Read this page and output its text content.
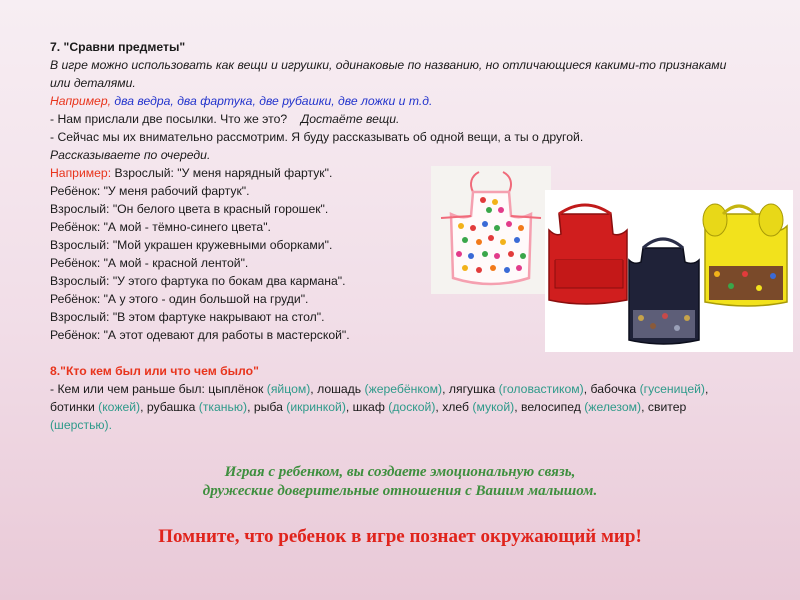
7. "Сравни предметы"
В игре можно использовать как вещи и игрушки, одинаковые по названию, но отличающиеся какими-то признаками или деталями.
Например, два ведра, два фартука, две рубашки, две ложки и т.д.
- Нам прислали две посылки. Что же это? Достаёте вещи.
- Сейчас мы их внимательно рассмотрим. Я буду рассказывать об одной вещи, а ты о другой.
Рассказываете по очереди.
Например: Взрослый: "У меня нарядный фартук".
Ребёнок: "У меня рабочий фартук".
Взрослый: "Он белого цвета в красный горошек".
Ребёнок: "А мой - тёмно-синего цвета".
Взрослый: "Мой украшен кружевными оборками".
Ребёнок: "А мой - красной лентой".
Взрослый: "У этого фартука по бокам два кармана".
Ребёнок: "А у этого - один большой на груди".
Взрослый: "В этом фартуке накрывают на стол".
Ребёнок: "А этот одевают для работы в мастерской".
8."Кто кем был или что чем было"
- Кем или чем раньше был: цыплёнок (яйцом), лошадь (жеребёнком), лягушка (головастиком), бабочка (гусеницей), ботинки (кожей), рубашка (тканью), рыба (икринкой), шкаф (доской), хлеб (мукой), велосипед (железом), свитер (шерстью).
Играя с ребенком, вы создаете эмоциональную связь,
дружеские доверительные отношения с Вашим малышом.
Помните, что ребенок в игре познает окружающий мир!
